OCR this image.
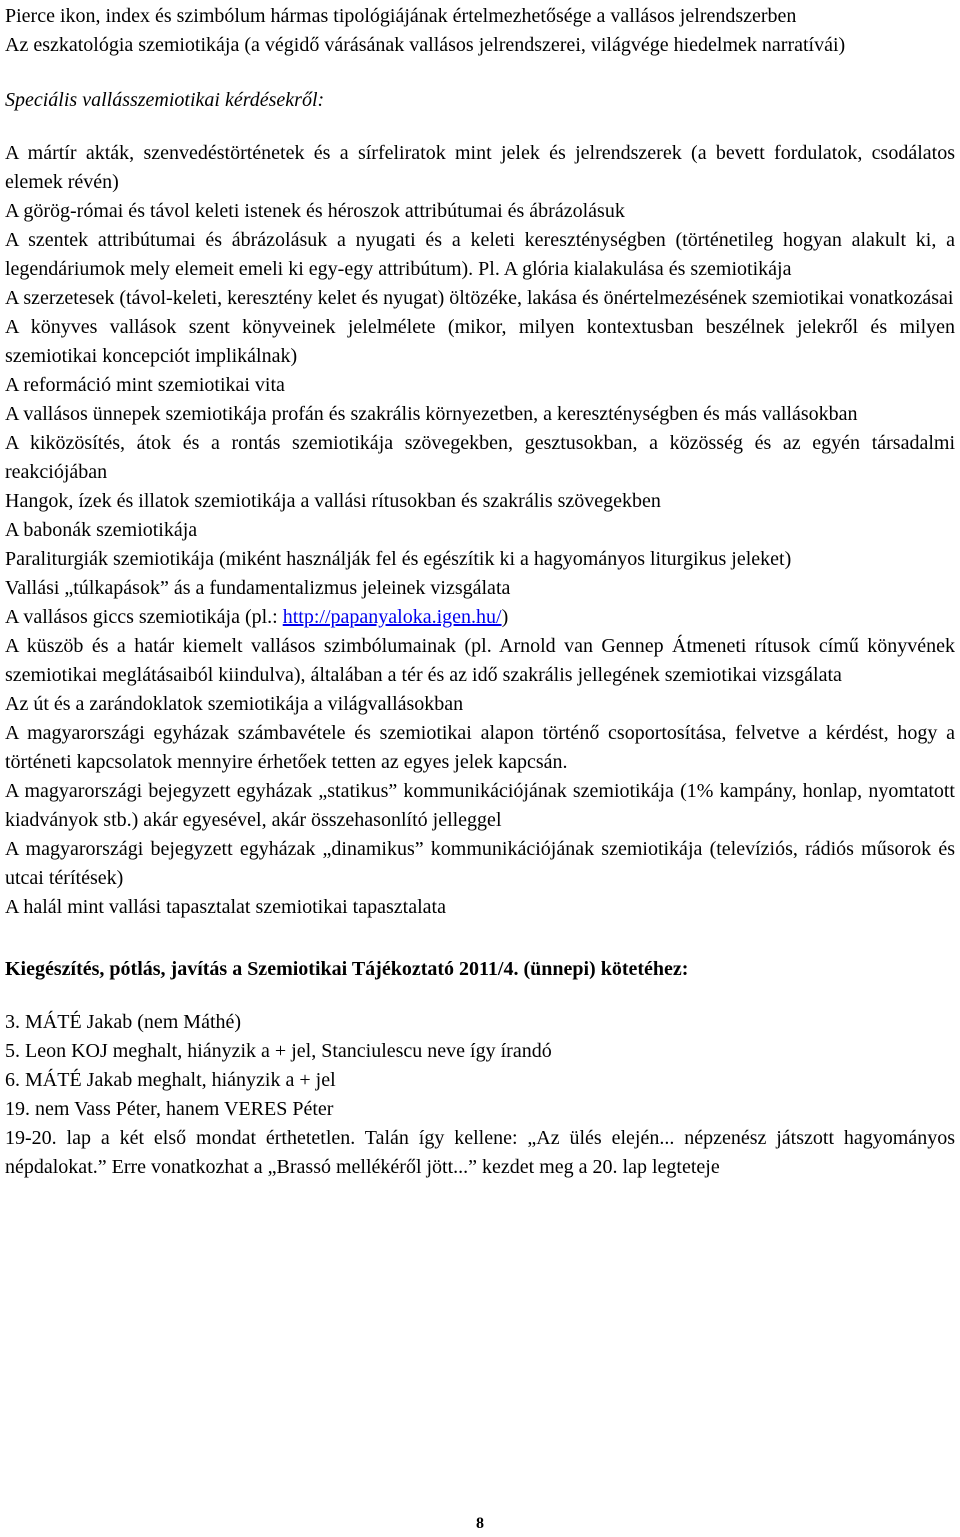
Pierce ikon, index és szimbólum hármas tipológiájának értelmezhetősége a vallásos jelrendszerben

Az eszkatológia szemiotikája (a végidő várásának vallásos jelrendszerei, világvége hiedelmek narratívái)

Speciális vallásszemiotikai kérdésekről:

A mártír akták, szenvedéstörténetek és a sírfeliratok mint jelek és jelrendszerek (a bevett fordulatok, csodálatos elemek révén)

A görög-római és távol keleti istenek és héroszok attribútumai és ábrázolásuk

A szentek attribútumai és ábrázolásuk a nyugati és a keleti kereszténységben (történetileg hogyan alakult ki, a legendáriumok mely elemeit emeli ki egy-egy attribútum). Pl. A glória kialakulása és szemiotikája

A szerzetesek (távol-keleti, keresztény kelet és nyugat) öltözéke, lakása és önértelmezésének szemiotikai vonatkozásai

A könyves vallások szent könyveinek jelelmélete (mikor, milyen kontextusban beszélnek jelekről és milyen szemiotikai koncepciót implikálnak)

A reformáció mint szemiotikai vita

A vallásos ünnepek szemiotikája profán és szakrális környezetben, a kereszténységben és más vallásokban

A kiközösítés, átok és a rontás szemiotikája szövegekben, gesztusokban, a közösség és az egyén társadalmi reakciójában

Hangok, ízek és illatok szemiotikája a vallási rítusokban és szakrális szövegekben

A babonák szemiotikája

Paraliturgiák szemiotikája (miként használják fel és egészítik ki a hagyományos liturgikus jeleket)

Vallási „túlkapások” ás a fundamentalizmus jeleinek vizsgálata

A vallásos giccs szemiotikája (pl.: http://papanyaloka.igen.hu/)

A küszöb és a határ kiemelt vallásos szimbólumainak (pl. Arnold van Gennep Átmeneti rítusok című könyvének szemiotikai meglátásaiból kiindulva), általában a tér és az idő szakrális jellegének szemiotikai vizsgálata

Az út és a zarándoklatok szemiotikája a világvallásokban

A magyarországi egyházak számbavétele és szemiotikai alapon történő csoportosítása, felvetve a kérdést, hogy a történeti kapcsolatok mennyire érhetőek tetten az egyes jelek kapcsán.

A magyarországi bejegyzett egyházak „statikus” kommunikációjának szemiotikája (1% kampány, honlap, nyomtatott kiadványok stb.) akár egyesével, akár összehasonlító jelleggel

A magyarországi bejegyzett egyházak „dinamikus” kommunikációjának szemiotikája (televíziós, rádiós műsorok és utcai térítések)

A halál mint vallási tapasztalat szemiotikai tapasztalata

Kiegészítés, pótlás, javítás a Szemiotikai Tájékoztató 2011/4. (ünnepi) kötetéhez:

3. MÁTÉ Jakab (nem Máthé)

5. Leon KOJ meghalt, hiányzik a + jel, Stanciulescu neve így írandó

6. MÁTÉ Jakab meghalt, hiányzik a + jel

19. nem Vass Péter, hanem VERES Péter

19-20. lap a két első mondat érthetetlen. Talán így kellene: „Az ülés elején... népzenész játszott hagyományos népdalokat.” Erre vonatkozhat a „Brassó mellékéről jött...” kezdet meg a 20. lap legteteje

8
